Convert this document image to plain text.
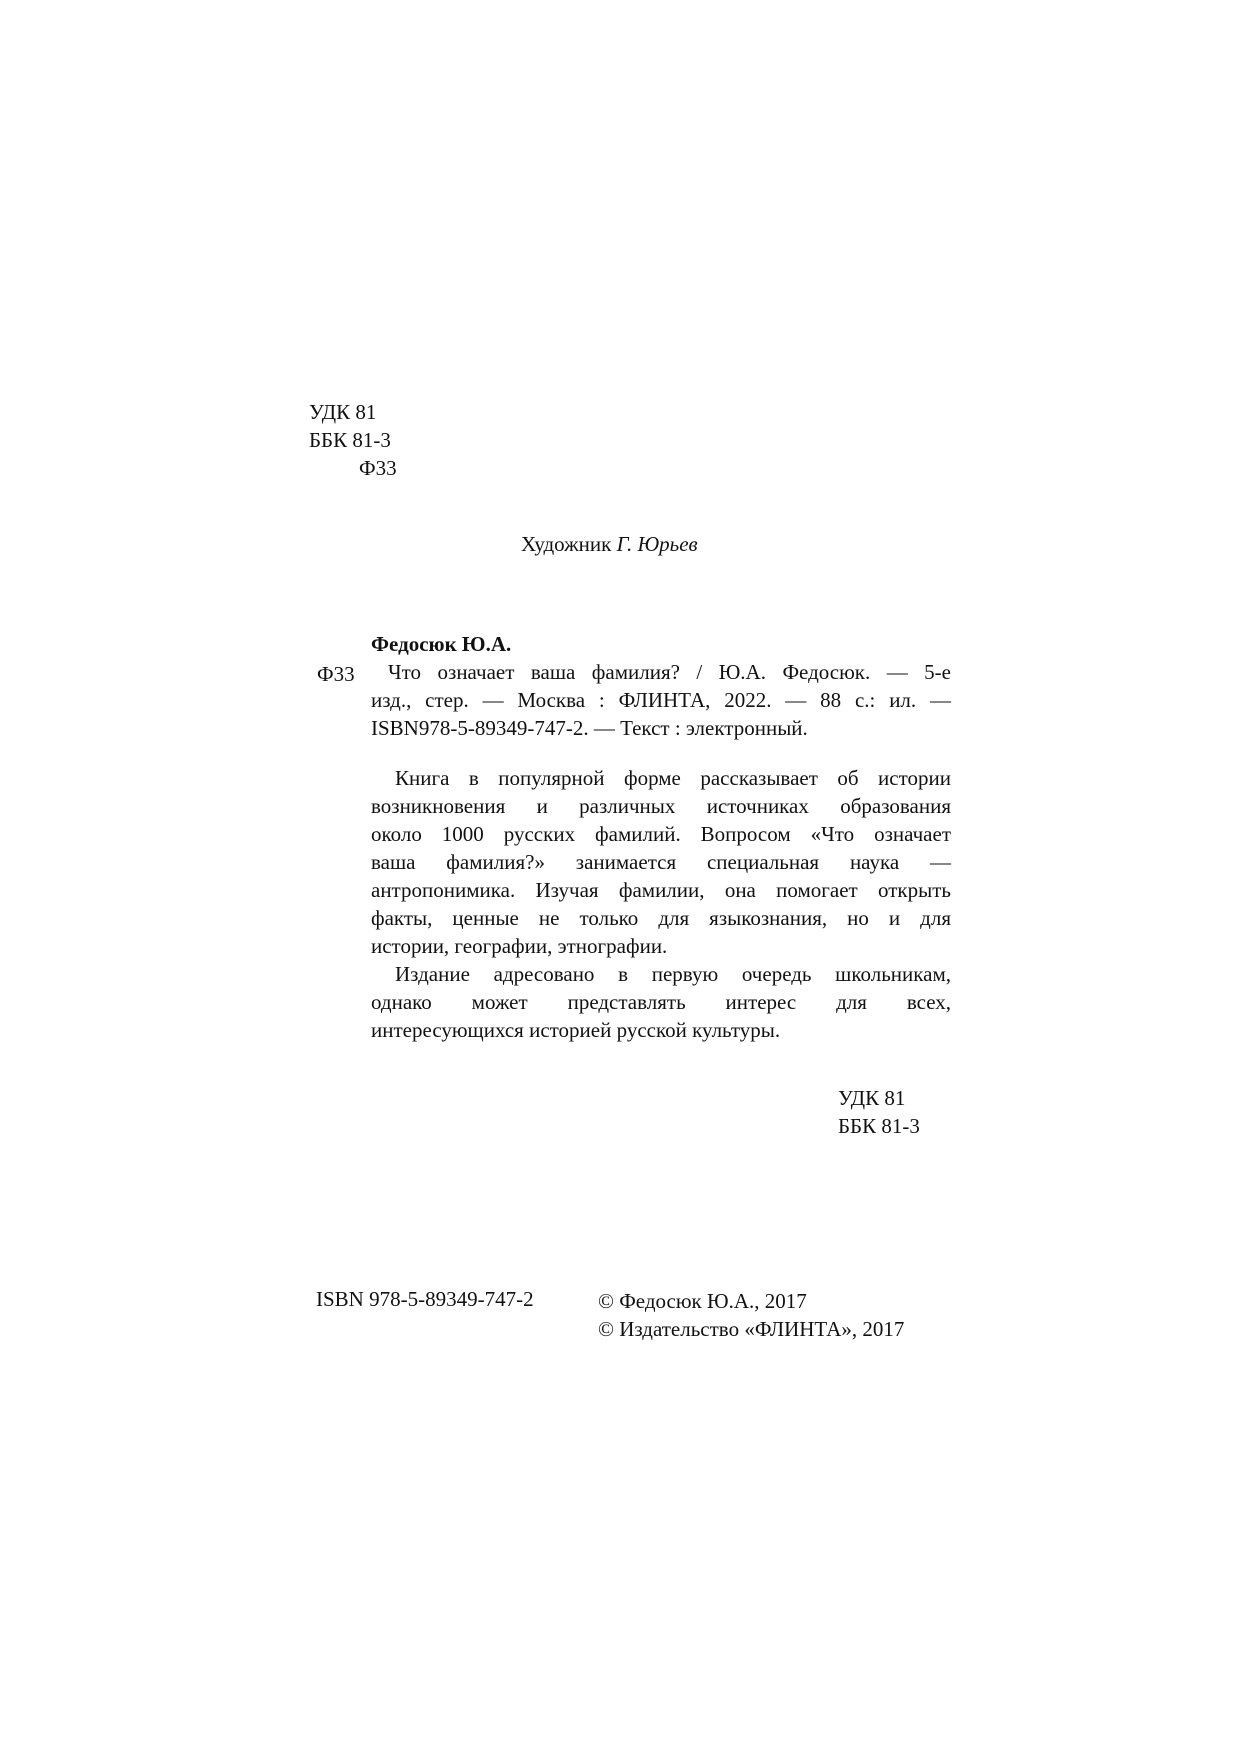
УДК 81
ББК 81-3
Ф33
Художник Г. Юрьев
Федосюк Ю.А.
Ф33	Что означает ваша фамилия? / Ю.А. Федосюк. — 5-е
изд., стер. — Москва : ФЛИНТА, 2022. — 88 с.: ил. —
ISBN978-5-89349-747-2. — Текст : электронный.
Книга в популярной форме рассказывает об истории
возникновения и различных источниках образования
около 1000 русских фамилий. Вопросом «Что означает
ваша фамилия?» занимается специальная наука —
антропонимика. Изучая фамилии, она помогает открыть
факты, ценные не только для языкознания, но и для
истории, географии, этнографии.
Издание адресовано в первую очередь школьникам,
однако может представлять интерес для всех,
интересующихся историей русской культуры.
УДК 81
ББК 81-3
ISBN 978-5-89349-747-2	© Федосюк Ю.А., 2017
© Издательство «ФЛИНТА», 2017
